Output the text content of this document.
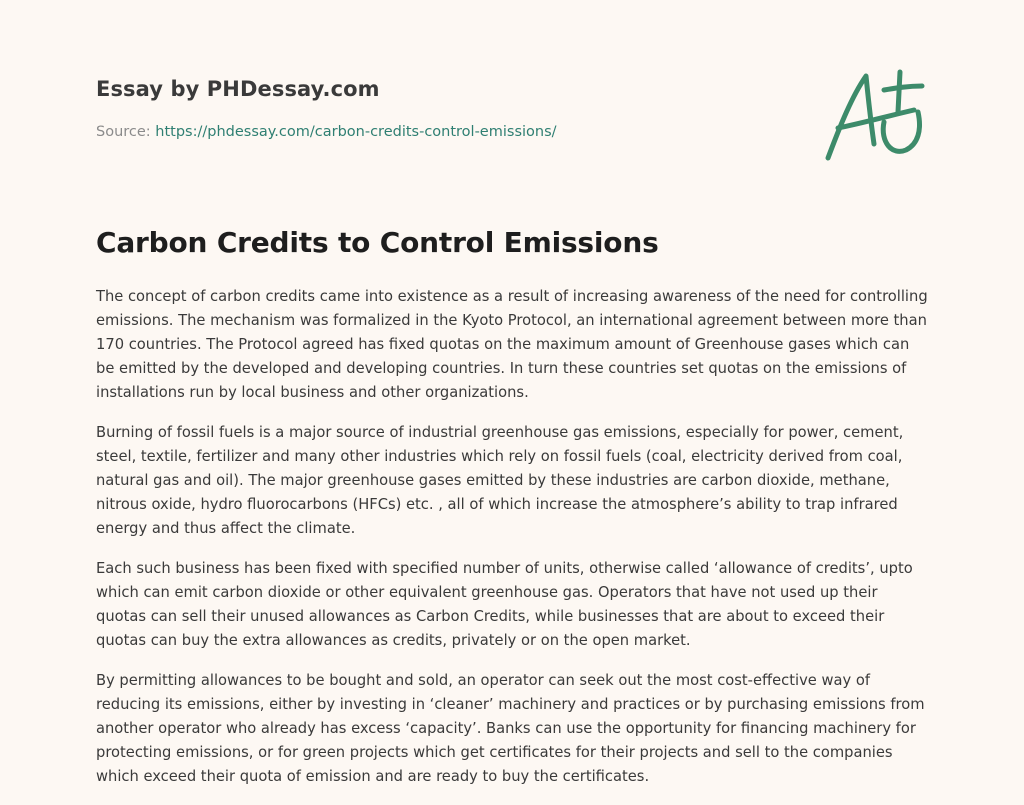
Essay by PHDessay.com
Source: https://phdessay.com/carbon-credits-control-emissions/
Carbon Credits to Control Emissions

The concept of carbon credits came into existence as a result of increasing awareness of the need for controlling emissions. The mechanism was formalized in the Kyoto Protocol, an international agreement between more than 170 countries. The Protocol agreed has fixed quotas on the maximum amount of Greenhouse gases which can be emitted by the developed and developing countries. In turn these countries set quotas on the emissions of installations run by local business and other organizations.

Burning of fossil fuels is a major source of industrial greenhouse gas emissions, especially for power, cement, steel, textile, fertilizer and many other industries which rely on fossil fuels (coal, electricity derived from coal, natural gas and oil). The major greenhouse gases emitted by these industries are carbon dioxide, methane, nitrous oxide, hydro fluorocarbons (HFCs) etc. , all of which increase the atmosphere’s ability to trap infrared energy and thus affect the climate.

Each such business has been fixed with specified number of units, otherwise called ‘allowance of credits’, upto which can emit carbon dioxide or other equivalent greenhouse gas. Operators that have not used up their quotas can sell their unused allowances as Carbon Credits, while businesses that are about to exceed their quotas can buy the extra allowances as credits, privately or on the open market.

By permitting allowances to be bought and sold, an operator can seek out the most cost-effective way of reducing its emissions, either by investing in ‘cleaner’ machinery and practices or by purchasing emissions from another operator who already has excess ‘capacity’. Banks can use the opportunity for financing machinery for protecting emissions, or for green projects which get certificates for their projects and sell to the companies which exceed their quota of emission and are ready to buy the certificates.
